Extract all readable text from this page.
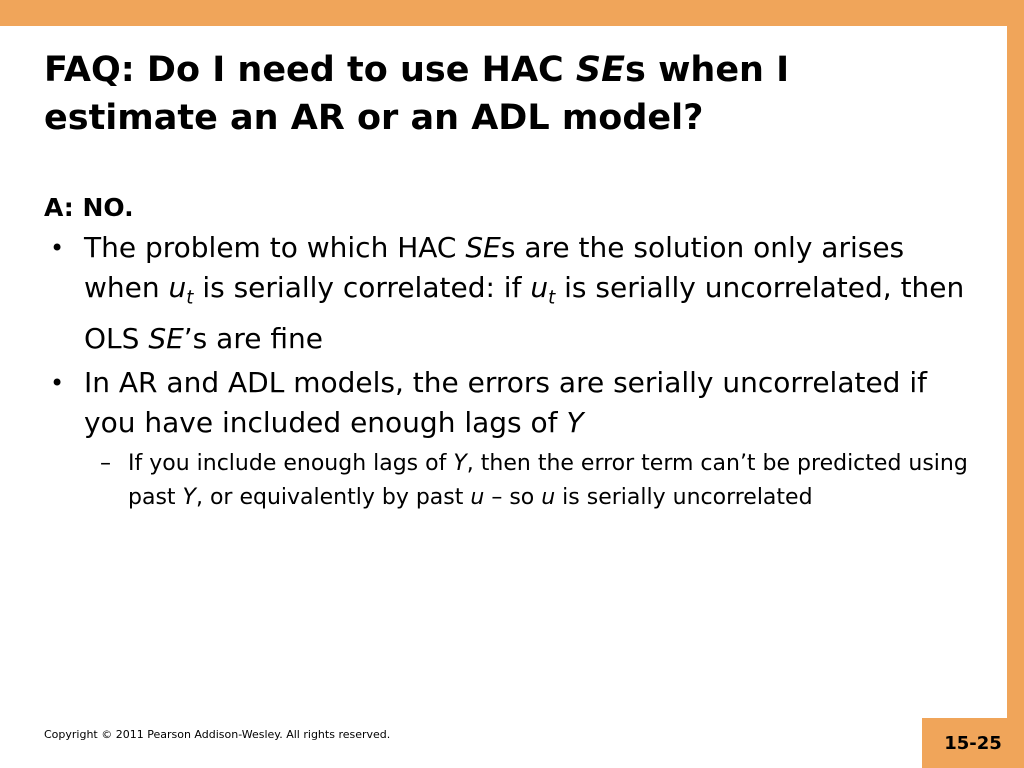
FAQ: Do I need to use HAC SEs when I estimate an AR or an ADL model?

A: NO.

• The problem to which HAC SEs are the solution only arises when $u_t$ is serially correlated: if $u_t$ is serially uncorrelated, then OLS SE’s are fine
• In AR and ADL models, the errors are serially uncorrelated if you have included enough lags of Y
– If you include enough lags of Y, then the error term can’t be predicted using past Y, or equivalently by past u – so u is serially uncorrelated
Copyright © 2011 Pearson Addison-Wesley. All rights reserved.	15-25
